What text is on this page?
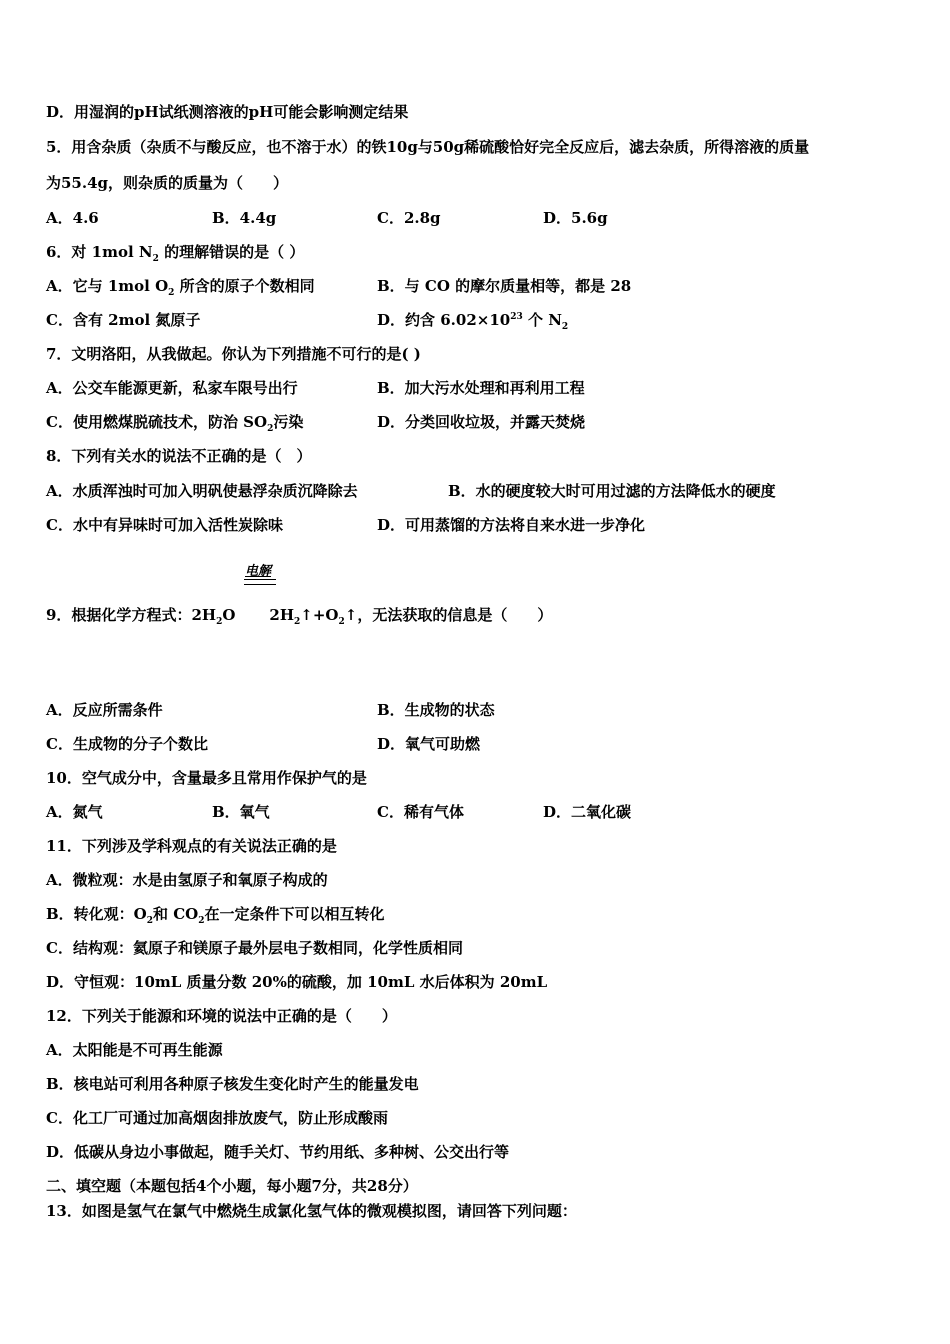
D．用湿润的pH试纸测溶液的pH可能会影响测定结果
5．用含杂质（杂质不与酸反应，也不溶于水）的铁10g与50g稀硫酸恰好完全反应后，滤去杂质，所得溶液的质量
为55.4g，则杂质的质量为（　　）
A．4.6	B．4.4g	C．2.8g	D．5.6g
6．对 1mol $N_2$ 的理解错误的是（ ）
A．它与 1mol $O_2$ 所含的原子个数相同	B．与 CO 的摩尔质量相等，都是 28
C．含有 2mol 氮原子	D．约含 $6.02\times 10^{23}$ 个 $N_2$
7．文明洛阳，从我做起。你认为下列措施不可行的是( )
A．公交车能源更新，私家车限号出行	B．加大污水处理和再利用工程
C．使用燃煤脱硫技术，防治 $SO_2$污染	D．分类回收垃圾，并露天焚烧
8．下列有关水的说法不正确的是（　）
A．水质浑浊时可加入明矾使悬浮杂质沉降除去	B．水的硬度较大时可用过滤的方法降低水的硬度
C．水中有异味时可加入活性炭除味	D．可用蒸馏的方法将自来水进一步净化
电解
9．根据化学方程式：$2H_2O$　　 $2H_2↑+O_2↑$，无法获取的信息是（　　）
A．反应所需条件	B．生成物的状态
C．生成物的分子个数比	D．氧气可助燃
10．空气成分中，含量最多且常用作保护气的是
A．氮气	B．氧气	C．稀有气体	D．二氧化碳
11．下列涉及学科观点的有关说法正确的是
A．微粒观：水是由氢原子和氧原子构成的
B．转化观：$O_2$和 $CO_2$在一定条件下可以相互转化
C．结构观：氦原子和镁原子最外层电子数相同，化学性质相同
D．守恒观：10mL 质量分数 20%的硫酸，加 10mL 水后体积为 20mL
12．下列关于能源和环境的说法中正确的是（　　）
A．太阳能是不可再生能源
B．核电站可利用各种原子核发生变化时产生的能量发电
C．化工厂可通过加高烟囱排放废气，防止形成酸雨
D．低碳从身边小事做起，随手关灯、节约用纸、多种树、公交出行等
二、填空题（本题包括4个小题，每小题7分，共28分）
13．如图是氢气在氯气中燃烧生成氯化氢气体的微观模拟图，请回答下列问题：
